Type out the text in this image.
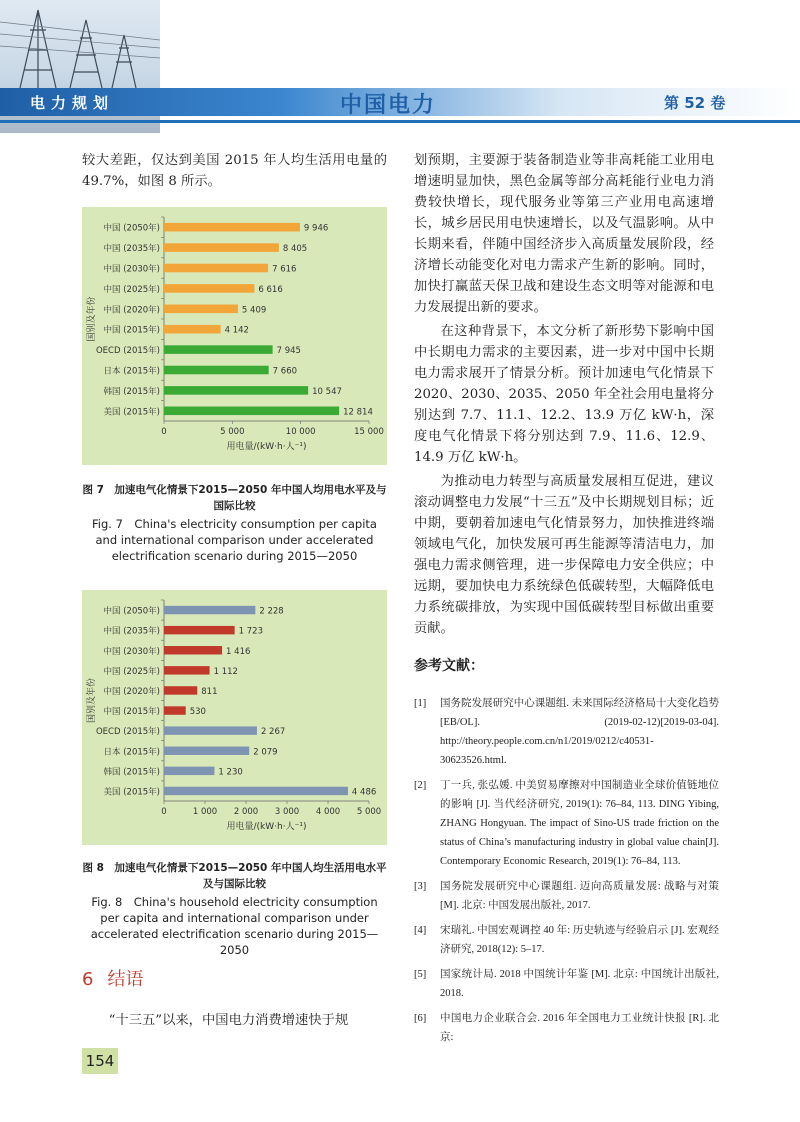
电力规划	中国电力	第 52 卷

较大差距，仅达到美国 2015 年人均生活用电量的 49.7%，如图 8 所示。

中国 (2050年)	9 946
中国 (2035年)	8 405
中国 (2030年)	7 616
中国 (2025年)	6 616
中国 (2020年)	5 409
中国 (2015年)	4 142
OECD (2015年)	7 945
日本 (2015年)	7 660
韩国 (2015年)	10 547
美国 (2015年)	12 814
0	5 000	10 000	15 000
用电量/(kW·h·人⁻¹)
国别及年份
图 7　加速电气化情景下2015—2050 年中国人均用电水平及与国际比较
Fig. 7　China's electricity consumption per capita and international comparison under accelerated electrification scenario during 2015—2050
中国 (2050年)	2 228
中国 (2035年)	1 723
中国 (2030年)	1 416
中国 (2025年)	1 112
中国 (2020年)	811
中国 (2015年)	530
OECD (2015年)	2 267
日本 (2015年)	2 079
韩国 (2015年)	1 230
美国 (2015年)	4 486
0	1 000 2 000 3 000 4 000 5 000
用电量/(kW·h·人⁻¹)
国别及年份
图 8　加速电气化情景下2015—2050 年中国人均生活用电水平及与国际比较
Fig. 8　China's household electricity consumption per capita and international comparison under accelerated electrification scenario during 2015—2050
6 结语

“十三五”以来，中国电力消费增速快于规

划预期，主要源于装备制造业等非高耗能工业用电增速明显加快，黑色金属等部分高耗能行业电力消费较快增长，现代服务业等第三产业用电高速增长，城乡居民用电快速增长，以及气温影响。从中长期来看，伴随中国经济步入高质量发展阶段，经济增长动能变化对电力需求产生新的影响。同时，加快打赢蓝天保卫战和建设生态文明等对能源和电力发展提出新的要求。

在这种背景下，本文分析了新形势下影响中国中长期电力需求的主要因素，进一步对中国中长期电力需求展开了情景分析。预计加速电气化情景下 2020、2030、2035、2050 年全社会用电量将分别达到 7.7、11.1、12.2、13.9 万亿 kW·h，深度电气化情景下将分别达到 7.9、11.6、12.9、14.9 万亿 kW·h。

为推动电力转型与高质量发展相互促进，建议滚动调整电力发展“十三五”及中长期规划目标；近中期，要朝着加速电气化情景努力，加快推进终端领域电气化，加快发展可再生能源等清洁电力，加强电力需求侧管理，进一步保障电力安全供应；中远期，要加快电力系统绿色低碳转型，大幅降低电力系统碳排放，为实现中国低碳转型目标做出重要贡献。

参考文献：
[1]	国务院发展研究中心课题组. 未来国际经济格局十大变化趋势 [EB/OL]. (2019-02-12)[2019-03-04]. http://theory.people.com.cn/n1/2019/0212/c40531-30623526.html.
[2]	丁一兵, 张弘媛. 中美贸易摩擦对中国制造业全球价值链地位的影响 [J]. 当代经济研究, 2019(1): 76–84, 113. DING Yibing, ZHANG Hongyuan. The impact of Sino-US trade friction on the status of China’s manufacturing industry in global value chain[J]. Contemporary Economic Research, 2019(1): 76–84, 113.
[3]	国务院发展研究中心课题组. 迈向高质量发展: 战略与对策 [M]. 北京: 中国发展出版社, 2017.
[4]	宋瑞礼. 中国宏观调控 40 年: 历史轨迹与经验启示 [J]. 宏观经济研究, 2018(12): 5–17.
[5]	国家统计局. 2018 中国统计年鉴 [M]. 北京: 中国统计出版社, 2018.
[6]	中国电力企业联合会. 2016 年全国电力工业统计快报 [R]. 北京:
154
